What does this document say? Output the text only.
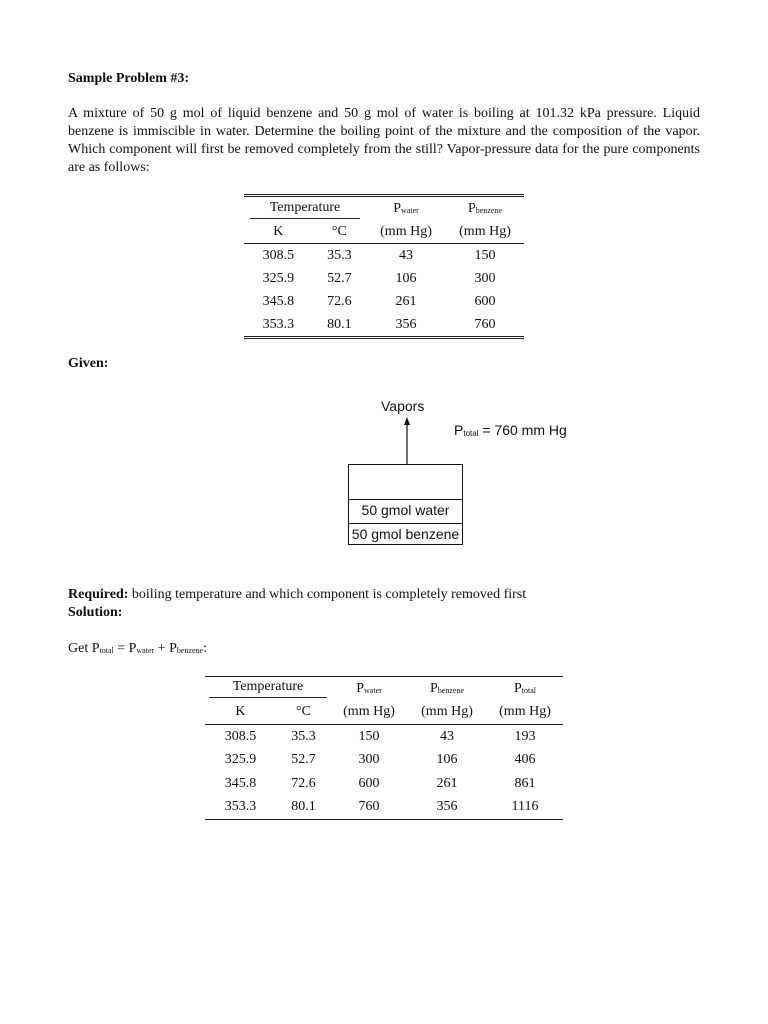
Sample Problem #3:
A mixture of 50 g mol of liquid benzene and 50 g mol of water is boiling at 101.32 kPa pressure. Liquid benzene is immiscible in water. Determine the boiling point of the mixture and the composition of the vapor. Which component will first be removed completely from the still? Vapor-pressure data for the pure components are as follows:
Temperature		$P_{water}$	$P_{benzene}$
K	°C	(mm Hg)	(mm Hg)
308.5	35.3	43	150
325.9	52.7	106	300
345.8	72.6	261	600
353.3	80.1	356	760
Given:
Vapors
$P_{total} = 760$ mm Hg
50 gmol water
50 gmol benzene
Required: boiling temperature and which component is completely removed first
Solution:
Get $P_{total} = P_{water} + P_{benzene}$:
Temperature		$P_{water}$	$P_{benzene}$	$P_{total}$
K	°C	(mm Hg)	(mm Hg)	(mm Hg)
308.5	35.3	150	43	193
325.9	52.7	300	106	406
345.8	72.6	600	261	861
353.3	80.1	760	356	1116
